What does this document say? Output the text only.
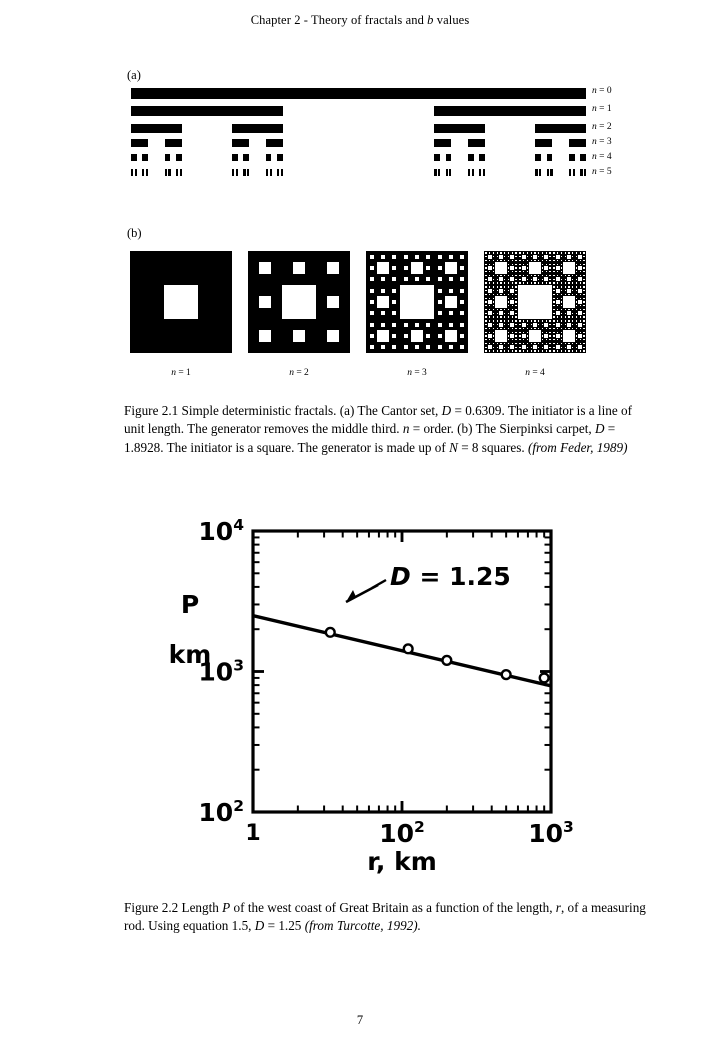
Chapter 2 - Theory of fractals and b values
(a)
(b)
Figure 2.1 Simple deterministic fractals. (a) The Cantor set, D = 0.6309. The initiator is a line of unit length. The generator removes the middle third. n = order. (b) The Sierpinksi carpet, D = 1.8928. The initiator is a square. The generator is made up of N = 8 squares. (from Feder, 1989)
$10^2$
$10^3$
$10^4$
1	$10^2$	$10^3$
P
km
r, km
D = 1.25
Figure 2.2 Length P of the west coast of Great Britain as a function of the length, r, of a measuring rod. Using equation 1.5, D = 1.25 (from Turcotte, 1992).
7
n = 0
n = 1
n = 2
n = 3
n = 4
n = 5
n = 1	n = 2	n = 3	n = 4
